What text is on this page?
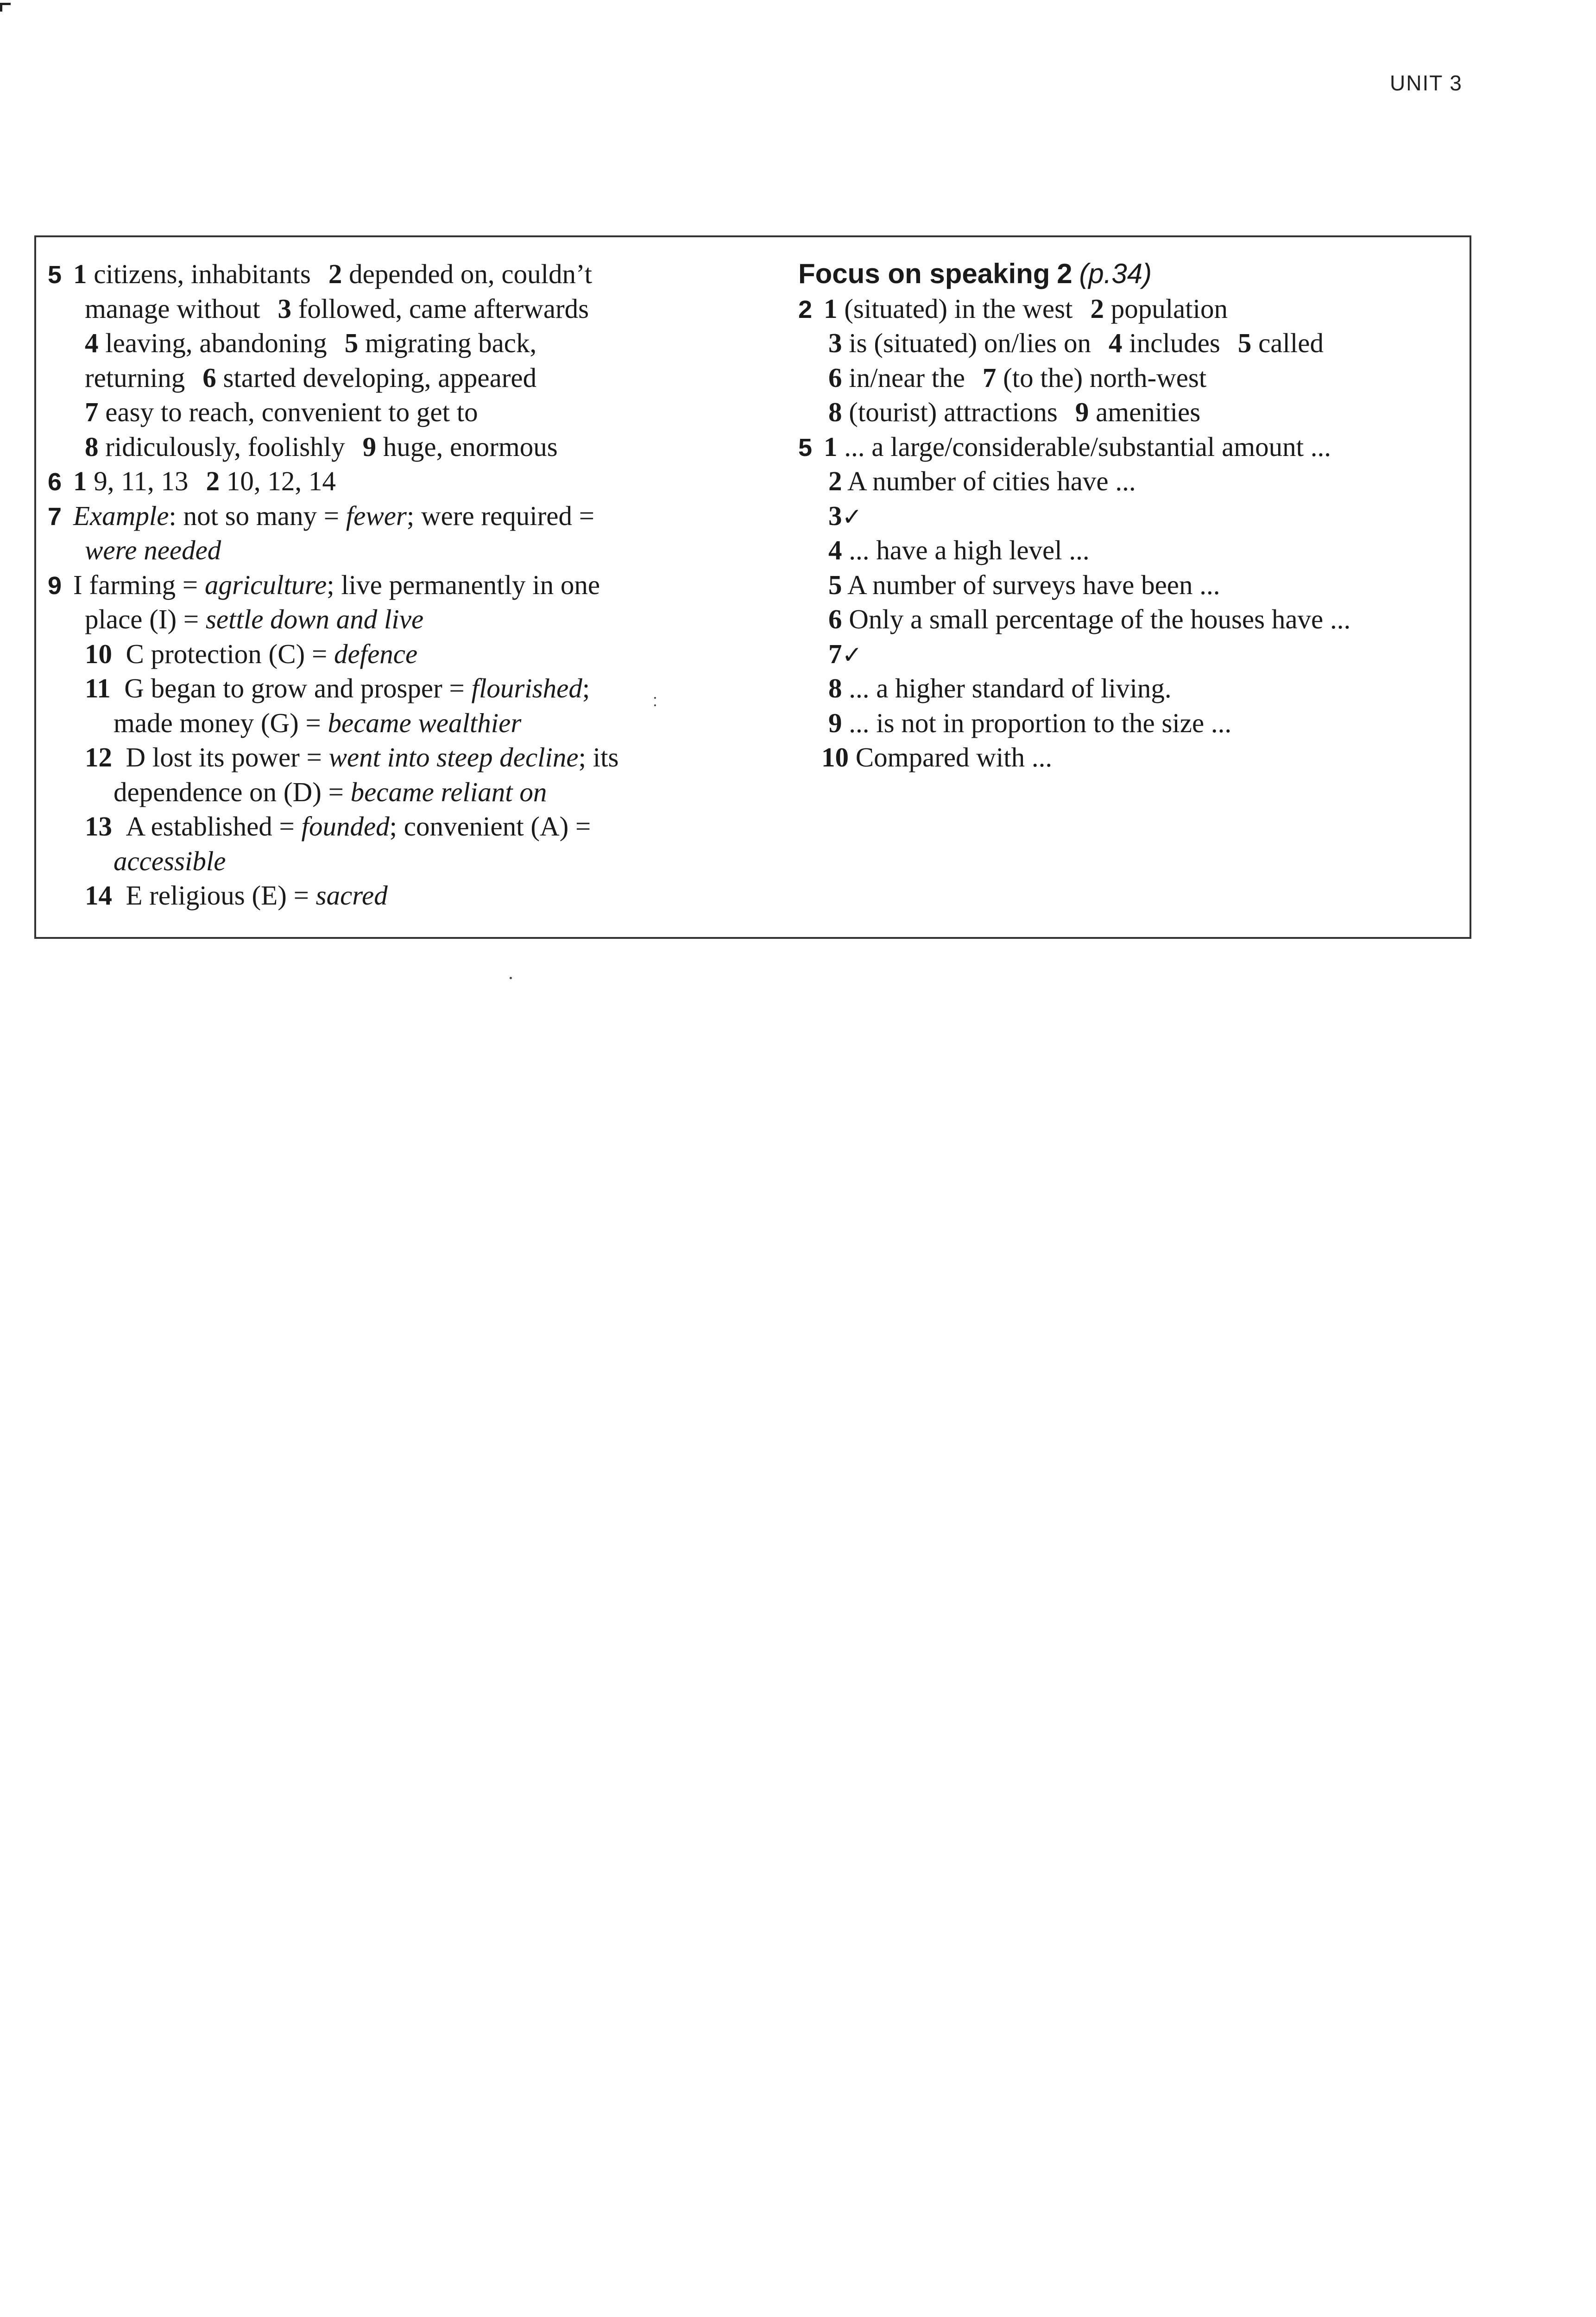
UNIT 3
5 1 citizens, inhabitants 2 depended on, couldn’t
manage without 3 followed, came afterwards
4 leaving, abandoning 5 migrating back,
returning 6 started developing, appeared
7 easy to reach, convenient to get to
8 ridiculously, foolishly 9 huge, enormous
6 1 9, 11, 13 2 10, 12, 14
7 Example: not so many = fewer; were required =
were needed
9 I farming = agriculture; live permanently in one
place (I) = settle down and live
10 C protection (C) = defence
11 G began to grow and prosper = flourished;
made money (G) = became wealthier
12 D lost its power = went into steep decline; its
dependence on (D) = became reliant on
13 A established = founded; convenient (A) =
accessible
14 E religious (E) = sacred
Focus on speaking 2 (p.34)
2 1 (situated) in the west 2 population
3 is (situated) on/lies on 4 includes 5 called
6 in/near the 7 (to the) north-west
8 (tourist) attractions 9 amenities
5 1 ... a large/considerable/substantial amount ...
2 A number of cities have ...
3✓
4 ... have a high level ...
5 A number of surveys have been ...
6 Only a small percentage of the houses have ...
7✓
8 ... a higher standard of living.
9 ... is not in proportion to the size ...
10 Compared with ...
